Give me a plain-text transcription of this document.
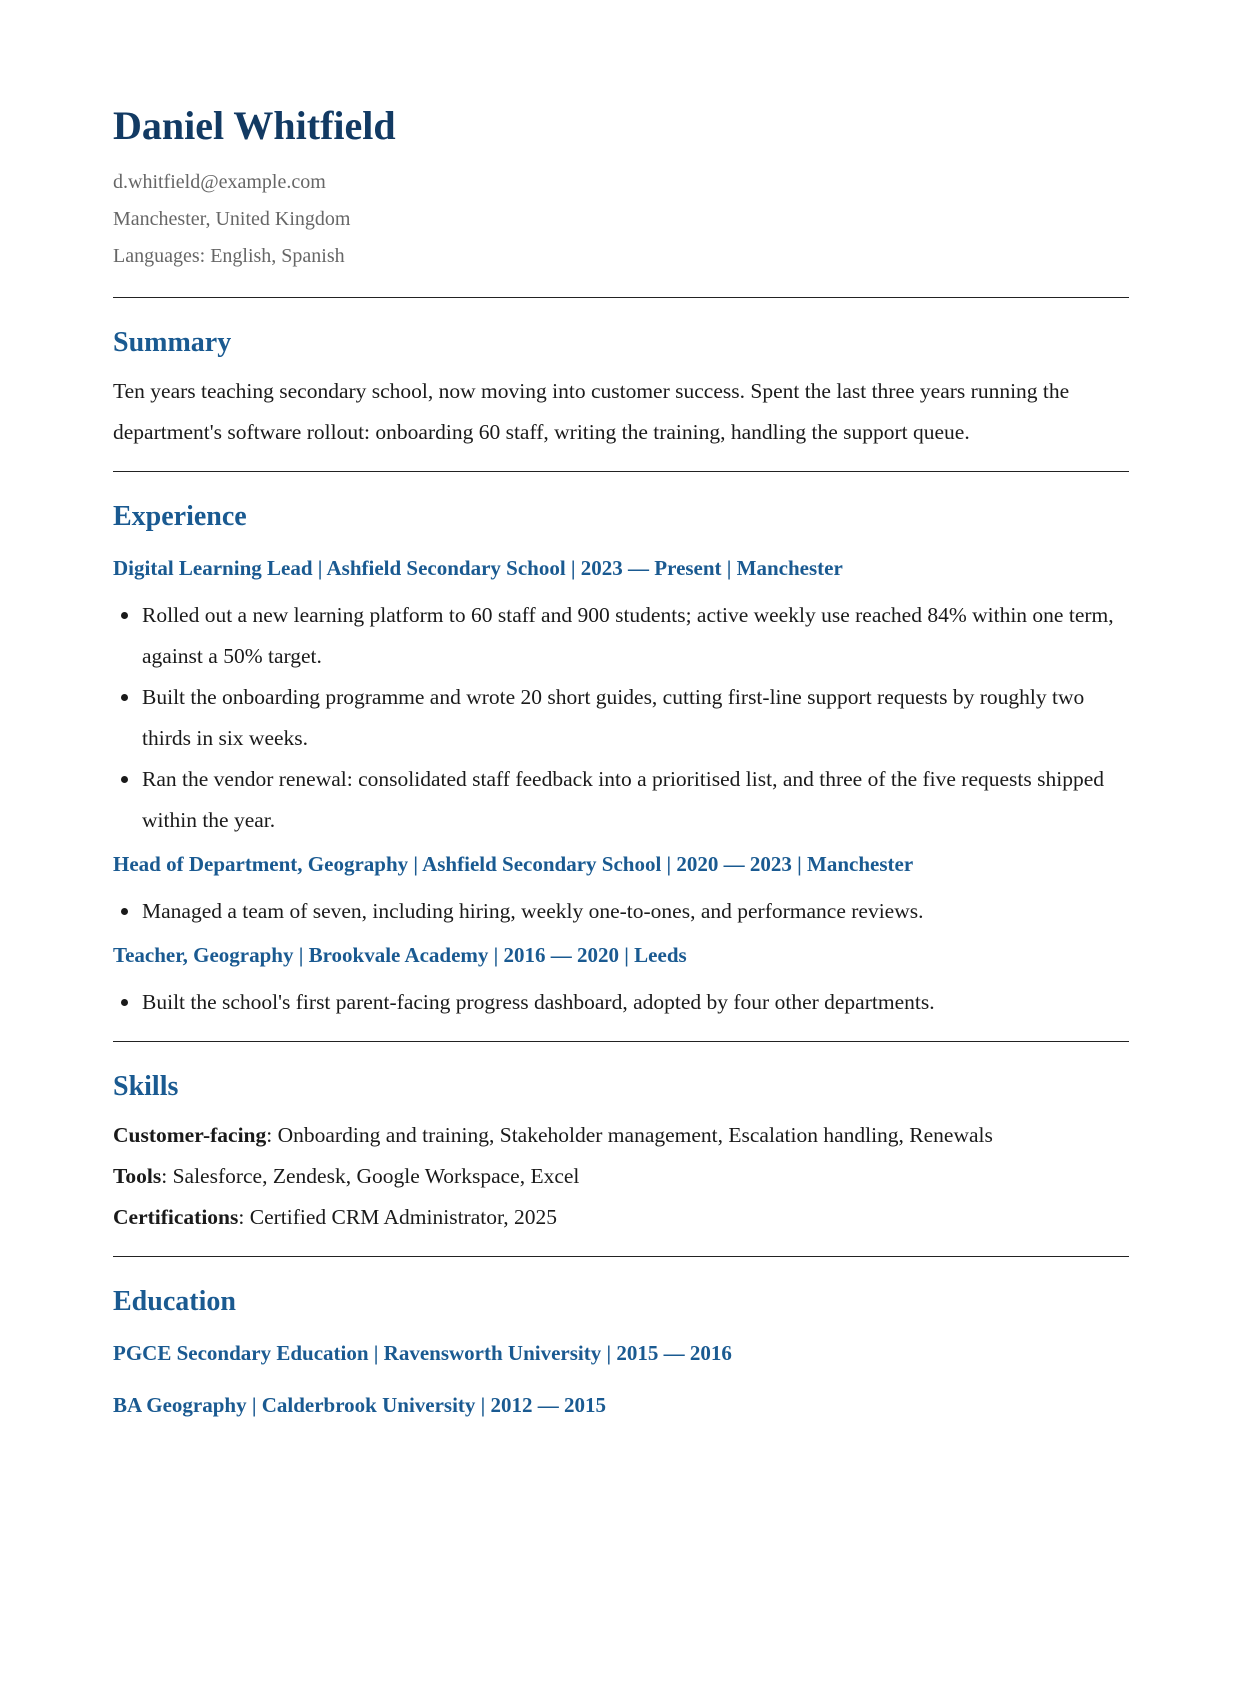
Daniel Whitfield
d.whitfield@example.com
Manchester, United Kingdom
Languages: English, Spanish
Summary
Ten years teaching secondary school, now moving into customer success. Spent the last three years running the department's software rollout: onboarding 60 staff, writing the training, handling the support queue.
Experience
Digital Learning Lead | Ashfield Secondary School | 2023 — Present | Manchester
Rolled out a new learning platform to 60 staff and 900 students; active weekly use reached 84% within one term, against a 50% target.
Built the onboarding programme and wrote 20 short guides, cutting first-line support requests by roughly two thirds in six weeks.
Ran the vendor renewal: consolidated staff feedback into a prioritised list, and three of the five requests shipped within the year.
Head of Department, Geography | Ashfield Secondary School | 2020 — 2023 | Manchester
Managed a team of seven, including hiring, weekly one-to-ones, and performance reviews.
Teacher, Geography | Brookvale Academy | 2016 — 2020 | Leeds
Built the school's first parent-facing progress dashboard, adopted by four other departments.
Skills
Customer-facing: Onboarding and training, Stakeholder management, Escalation handling, Renewals
Tools: Salesforce, Zendesk, Google Workspace, Excel
Certifications: Certified CRM Administrator, 2025
Education
PGCE Secondary Education | Ravensworth University | 2015 — 2016
BA Geography | Calderbrook University | 2012 — 2015
